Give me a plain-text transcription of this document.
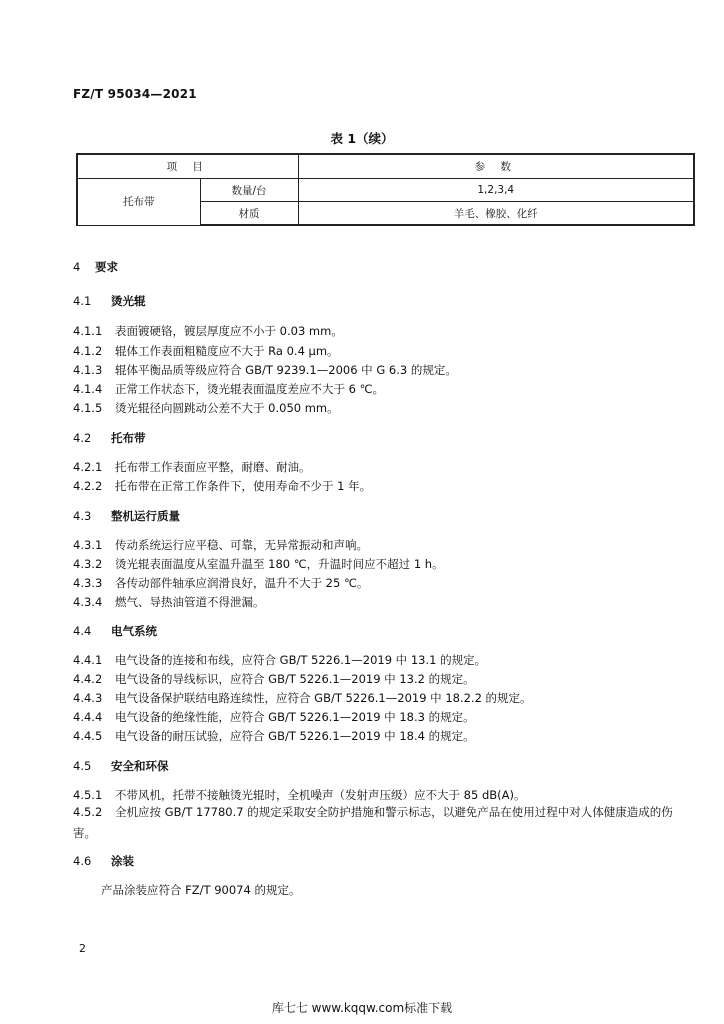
FZ/T 95034—2021
表 1（续）
项 目		参 数
托布带	数量/台	1,2,3,4
	材质	羊毛、橡胶、化纤
4 要求
4.1 烫光辊
4.1.1 表面镀硬铬，镀层厚度应不小于 0.03 mm。
4.1.2 辊体工作表面粗糙度应不大于 Ra 0.4 μm。
4.1.3 辊体平衡品质等级应符合 GB/T 9239.1—2006 中 G 6.3 的规定。
4.1.4 正常工作状态下，烫光辊表面温度差应不大于 6 ℃。
4.1.5 烫光辊径向圆跳动公差不大于 0.050 mm。
4.2 托布带
4.2.1 托布带工作表面应平整，耐磨、耐油。
4.2.2 托布带在正常工作条件下，使用寿命不少于 1 年。
4.3 整机运行质量
4.3.1 传动系统运行应平稳、可靠，无异常振动和声响。
4.3.2 烫光辊表面温度从室温升温至 180 ℃，升温时间应不超过 1 h。
4.3.3 各传动部件轴承应润滑良好，温升不大于 25 ℃。
4.3.4 燃气、导热油管道不得泄漏。
4.4 电气系统
4.4.1 电气设备的连接和布线，应符合 GB/T 5226.1—2019 中 13.1 的规定。
4.4.2 电气设备的导线标识，应符合 GB/T 5226.1—2019 中 13.2 的规定。
4.4.3 电气设备保护联结电路连续性，应符合 GB/T 5226.1—2019 中 18.2.2 的规定。
4.4.4 电气设备的绝缘性能，应符合 GB/T 5226.1—2019 中 18.3 的规定。
4.4.5 电气设备的耐压试验，应符合 GB/T 5226.1—2019 中 18.4 的规定。
4.5 安全和环保
4.5.1 不带风机，托带不接触烫光辊时，全机噪声（发射声压级）应不大于 85 dB(A)。
4.5.2 全机应按 GB/T 17780.7 的规定采取安全防护措施和警示标志，以避免产品在使用过程中对人体健康造成的伤害。
4.6 涂装
产品涂装应符合 FZ/T 90074 的规定。
2
库七七 www.kqqw.com标准下载
